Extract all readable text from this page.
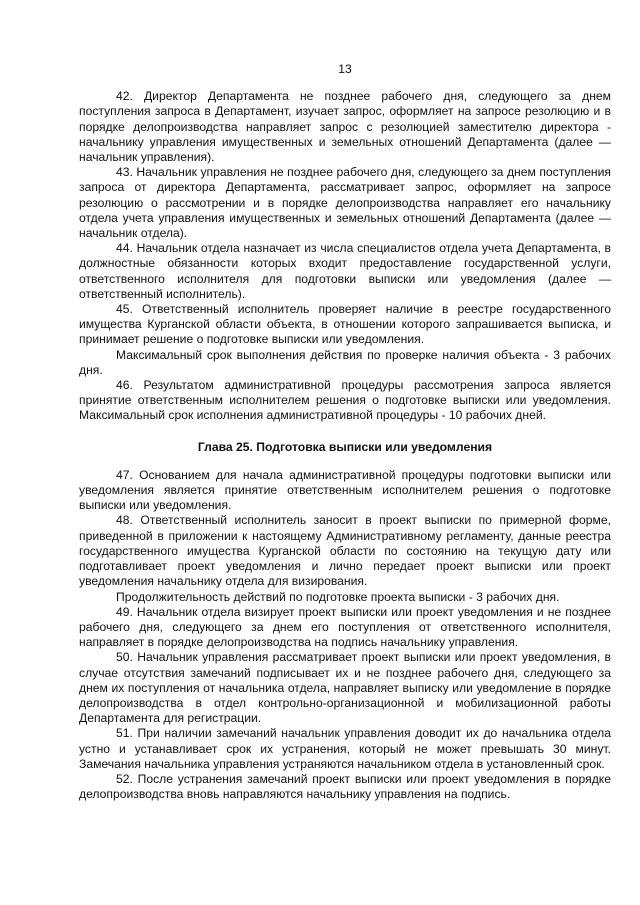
13

42. Директор Департамента не позднее рабочего дня, следующего за днем поступления запроса в Департамент, изучает запрос, оформляет на запросе резолюцию и в порядке делопроизводства направляет запрос с резолюцией заместителю директора - начальнику управления имущественных и земельных отношений Департамента (далее — начальник управления).

43. Начальник управления не позднее рабочего дня, следующего за днем поступления запроса от директора Департамента, рассматривает запрос, оформляет на запросе резолюцию о рассмотрении и в порядке делопроизводства направляет его начальнику отдела учета управления имущественных и земельных отношений Департамента (далее — начальник отдела).

44. Начальник отдела назначает из числа специалистов отдела учета Департамента, в должностные обязанности которых входит предоставление государственной услуги, ответственного исполнителя для подготовки выписки или уведомления (далее — ответственный исполнитель).

45. Ответственный исполнитель проверяет наличие в реестре государственного имущества Курганской области объекта, в отношении которого запрашивается выписка, и принимает решение о подготовке выписки или уведомления.

Максимальный срок выполнения действия по проверке наличия объекта - 3 рабочих дня.

46. Результатом административной процедуры рассмотрения запроса является принятие ответственным исполнителем решения о подготовке выписки или уведомления. Максимальный срок исполнения административной процедуры - 10 рабочих дней.

Глава 25. Подготовка выписки или уведомления

47. Основанием для начала административной процедуры подготовки выписки или уведомления является принятие ответственным исполнителем решения о подготовке выписки или уведомления.

48. Ответственный исполнитель заносит в проект выписки по примерной форме, приведенной в приложении к настоящему Административному регламенту, данные реестра государственного имущества Курганской области по состоянию на текущую дату или подготавливает проект уведомления и лично передает проект выписки или проект уведомления начальнику отдела для визирования.

Продолжительность действий по подготовке проекта выписки - 3 рабочих дня.

49. Начальник отдела визирует проект выписки или проект уведомления и не позднее рабочего дня, следующего за днем его поступления от ответственного исполнителя, направляет в порядке делопроизводства на подпись начальнику управления.

50. Начальник управления рассматривает проект выписки или проект уведомления, в случае отсутствия замечаний подписывает их и не позднее рабочего дня, следующего за днем их поступления от начальника отдела, направляет выписку или уведомление в порядке делопроизводства в отдел контрольно-организационной и мобилизационной работы Департамента для регистрации.

51. При наличии замечаний начальник управления доводит их до начальника отдела устно и устанавливает срок их устранения, который не может превышать 30 минут. Замечания начальника управления устраняются начальником отдела в установленный срок.

52. После устранения замечаний проект выписки или проект уведомления в порядке делопроизводства вновь направляются начальнику управления на подпись.
